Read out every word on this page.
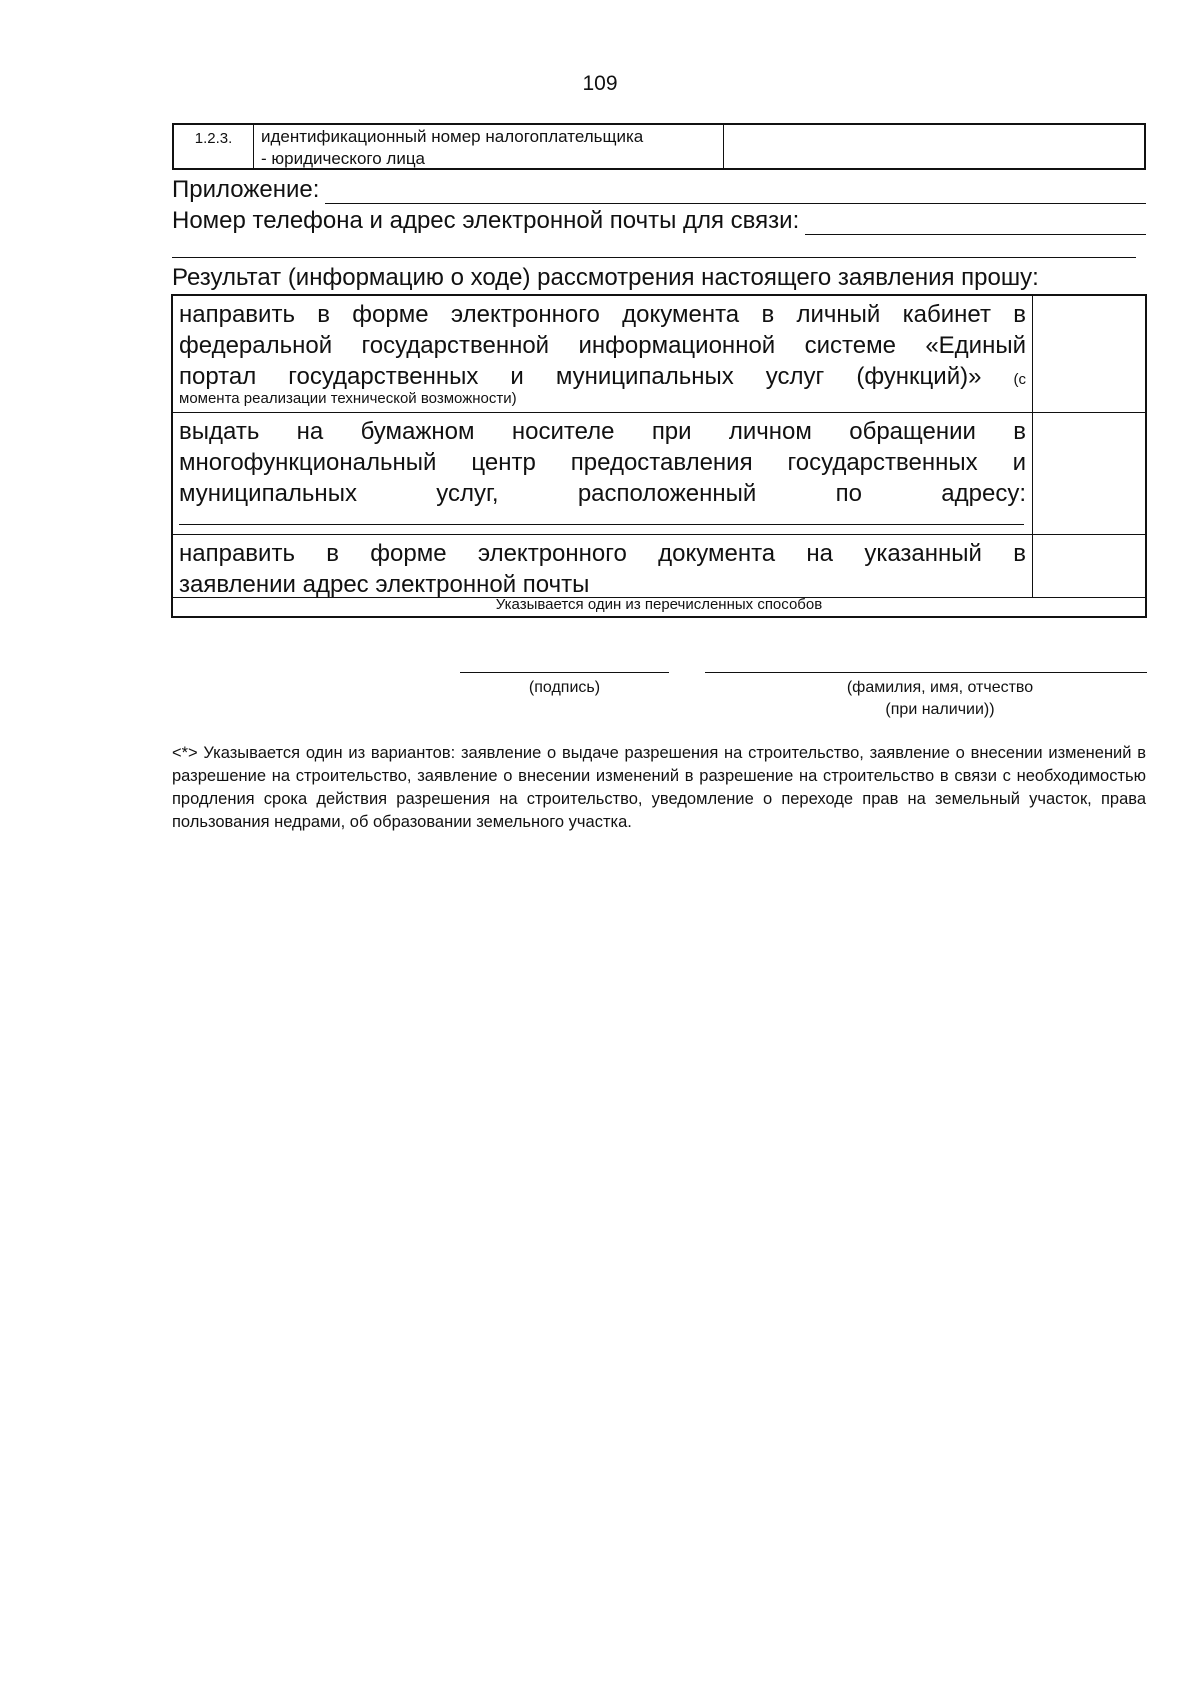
109
1.2.3.	идентификационный номер налогоплательщика
- юридического лица
Приложение:
Номер телефона и адрес электронной почты для связи:
Результат (информацию о ходе) рассмотрения настоящего заявления прошу:
направить в форме электронного документа в личный кабинет в
федеральной государственной информационной системе «Единый
портал государственных и муниципальных услуг (функций)» (с
момента реализации технической возможности)
выдать на бумажном носителе при личном обращении в
многофункциональный центр предоставления государственных и
муниципальных услуг, расположенный по адресу:
направить в форме электронного документа на указанный в
заявлении адрес электронной почты
Указывается один из перечисленных способов
(подпись)	(фамилия, имя, отчество
(при наличии))
<*> Указывается один из вариантов: заявление о выдаче разрешения на строительство, заявление о внесении изменений в разрешение на строительство, заявление о внесении изменений в разрешение на строительство в связи с необходимостью продления срока действия разрешения на строительство, уведомление о переходе прав на земельный участок, права пользования недрами, об образовании земельного участка.
